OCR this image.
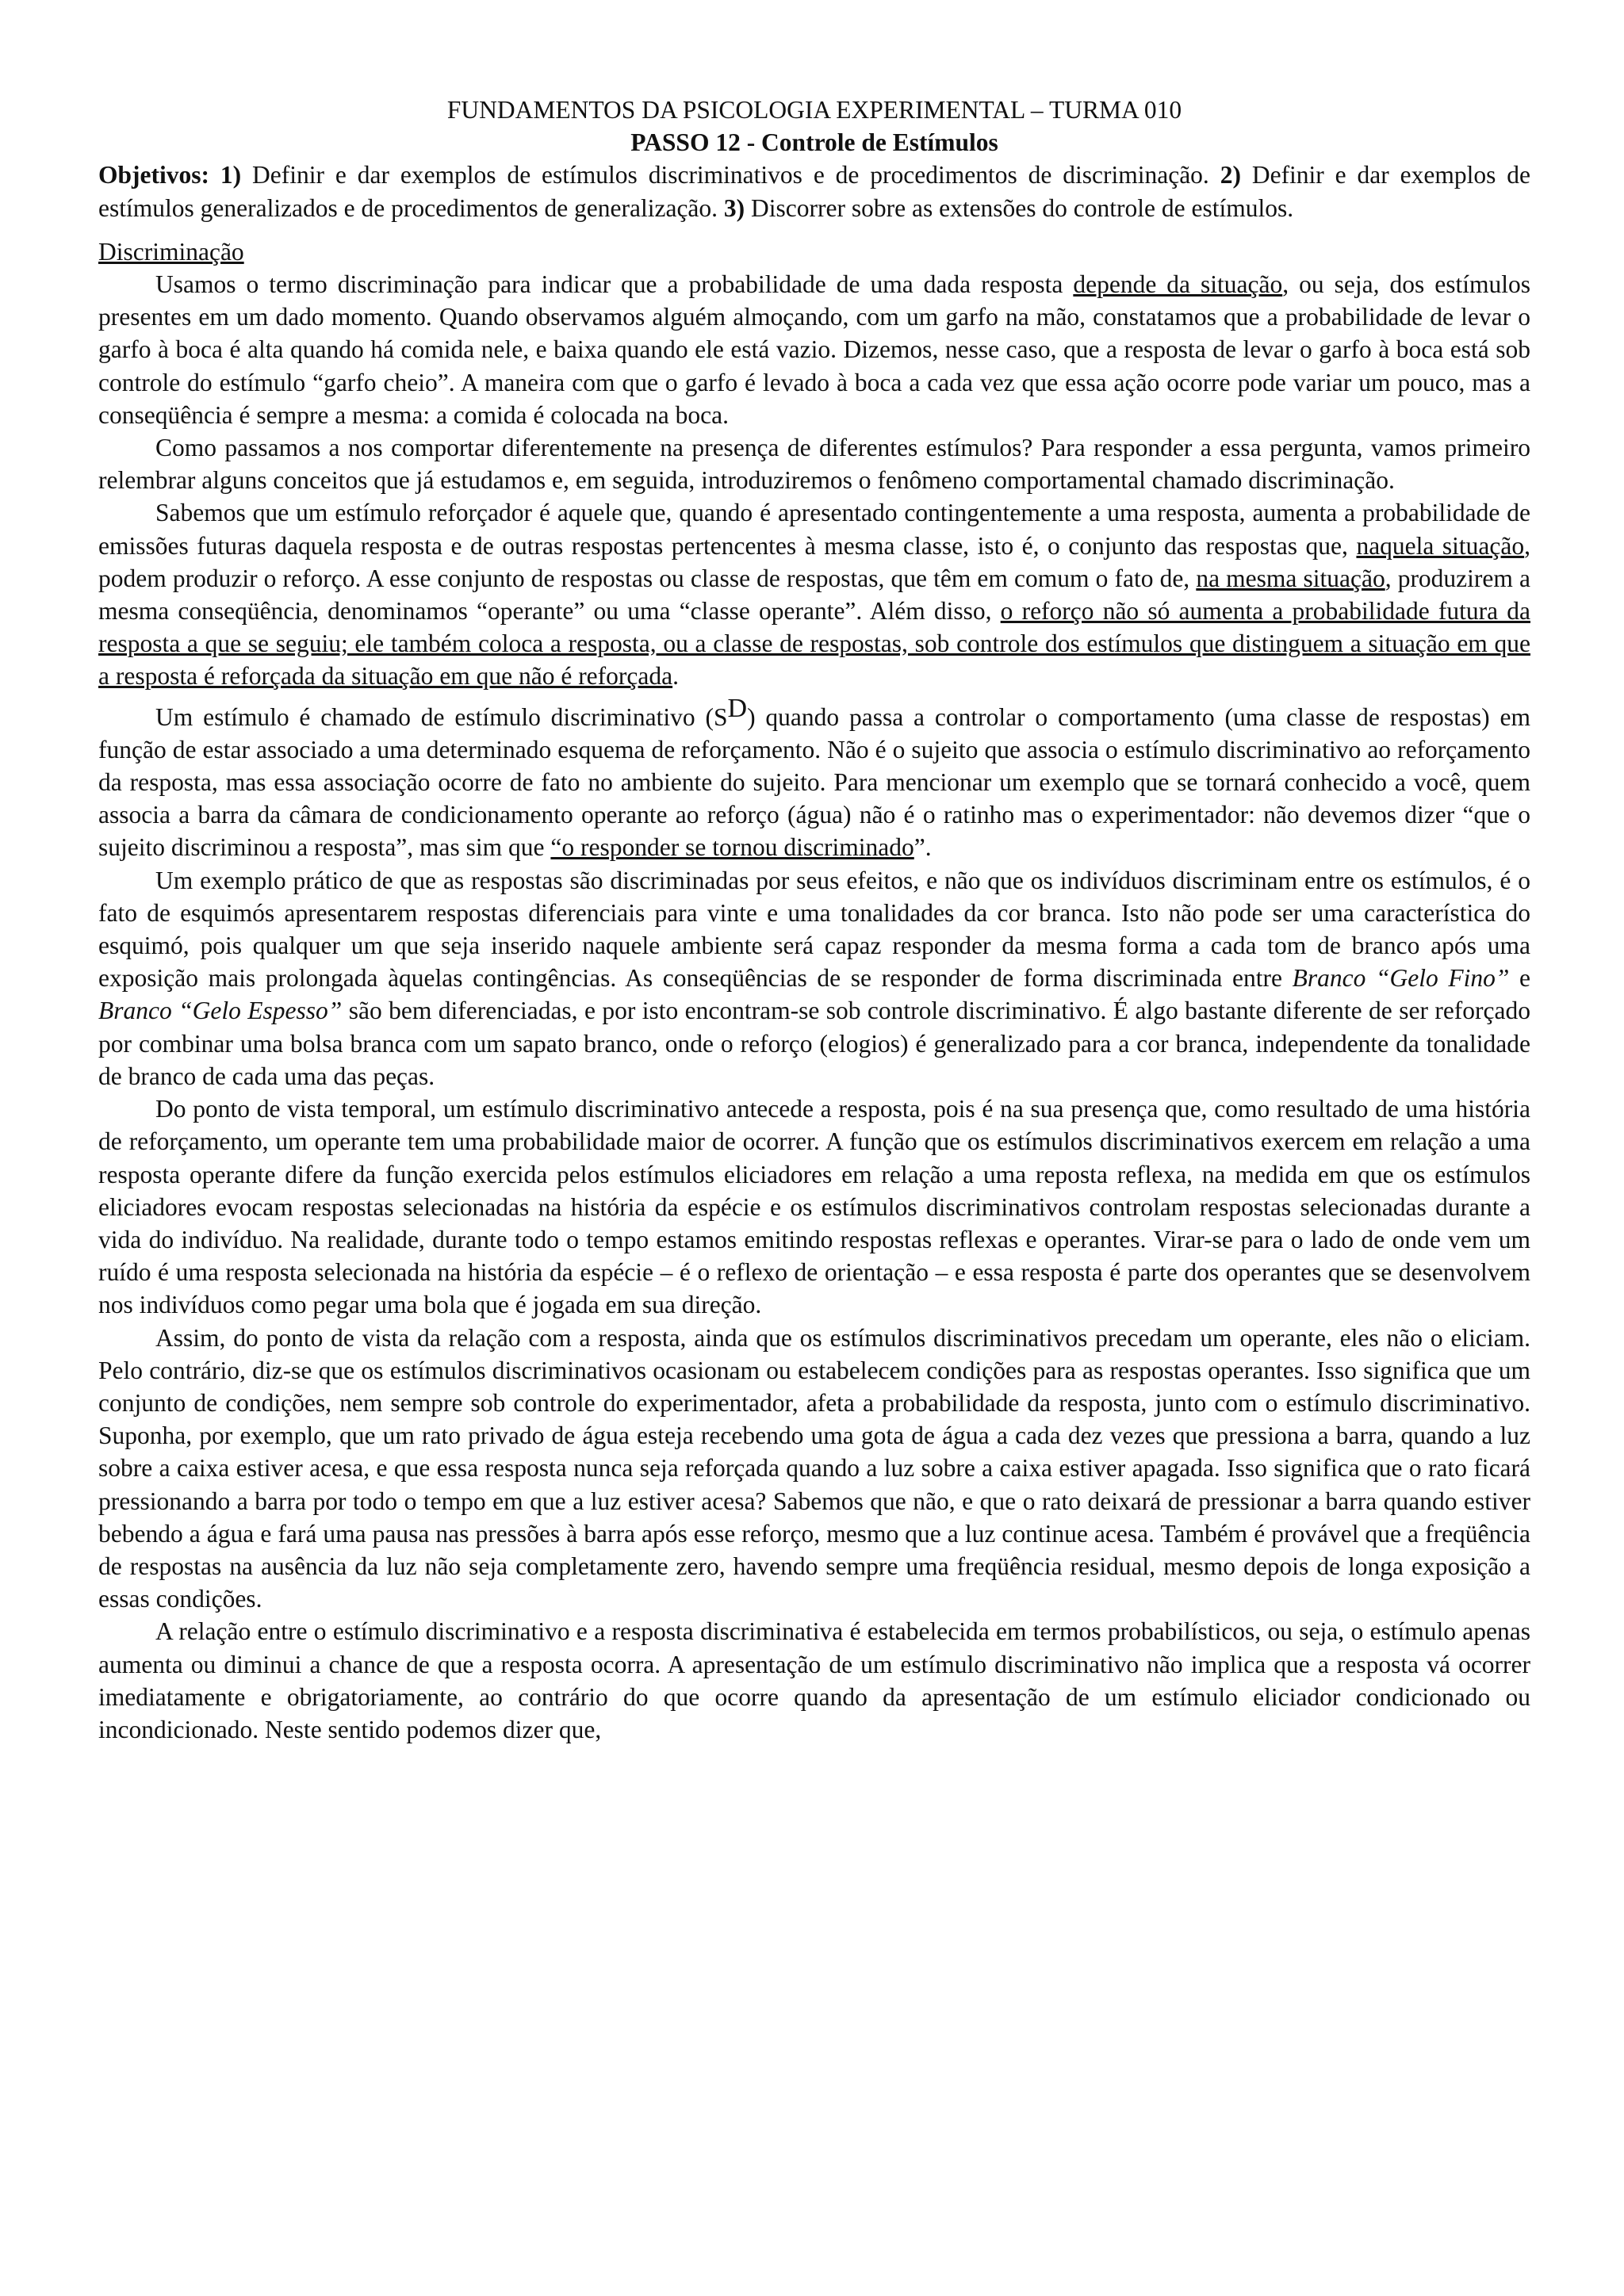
FUNDAMENTOS DA PSICOLOGIA EXPERIMENTAL – TURMA 010
PASSO 12 - Controle de Estímulos

Objetivos: 1) Definir e dar exemplos de estímulos discriminativos e de procedimentos de discriminação. 2) Definir e dar exemplos de estímulos generalizados e de procedimentos de generalização. 3) Discorrer sobre as extensões do controle de estímulos.

Discriminação

Usamos o termo discriminação para indicar que a probabilidade de uma dada resposta depende da situação, ou seja, dos estímulos presentes em um dado momento. Quando observamos alguém almoçando, com um garfo na mão, constatamos que a probabilidade de levar o garfo à boca é alta quando há comida nele, e baixa quando ele está vazio. Dizemos, nesse caso, que a resposta de levar o garfo à boca está sob controle do estímulo “garfo cheio”. A maneira com que o garfo é levado à boca a cada vez que essa ação ocorre pode variar um pouco, mas a conseqüência é sempre a mesma: a comida é colocada na boca.

Como passamos a nos comportar diferentemente na presença de diferentes estímulos? Para responder a essa pergunta, vamos primeiro relembrar alguns conceitos que já estudamos e, em seguida, introduziremos o fenômeno comportamental chamado discriminação.

Sabemos que um estímulo reforçador é aquele que, quando é apresentado contingentemente a uma resposta, aumenta a probabilidade de emissões futuras daquela resposta e de outras respostas pertencentes à mesma classe, isto é, o conjunto das respostas que, naquela situação, podem produzir o reforço. A esse conjunto de respostas ou classe de respostas, que têm em comum o fato de, na mesma situação, produzirem a mesma conseqüência, denominamos “operante” ou uma “classe operante”. Além disso, o reforço não só aumenta a probabilidade futura da resposta a que se seguiu; ele também coloca a resposta, ou a classe de respostas, sob controle dos estímulos que distinguem a situação em que a resposta é reforçada da situação em que não é reforçada.

Um estímulo é chamado de estímulo discriminativo $(S^D)$ quando passa a controlar o comportamento (uma classe de respostas) em função de estar associado a uma determinado esquema de reforçamento. Não é o sujeito que associa o estímulo discriminativo ao reforçamento da resposta, mas essa associação ocorre de fato no ambiente do sujeito. Para mencionar um exemplo que se tornará conhecido a você, quem associa a barra da câmara de condicionamento operante ao reforço (água) não é o ratinho mas o experimentador: não devemos dizer “que o sujeito discriminou a resposta”, mas sim que “o responder se tornou discriminado”.

Um exemplo prático de que as respostas são discriminadas por seus efeitos, e não que os indivíduos discriminam entre os estímulos, é o fato de esquimós apresentarem respostas diferenciais para vinte e uma tonalidades da cor branca. Isto não pode ser uma característica do esquimó, pois qualquer um que seja inserido naquele ambiente será capaz responder da mesma forma a cada tom de branco após uma exposição mais prolongada àquelas contingências. As conseqüências de se responder de forma discriminada entre Branco “Gelo Fino” e Branco “Gelo Espesso” são bem diferenciadas, e por isto encontram-se sob controle discriminativo. É algo bastante diferente de ser reforçado por combinar uma bolsa branca com um sapato branco, onde o reforço (elogios) é generalizado para a cor branca, independente da tonalidade de branco de cada uma das peças.

Do ponto de vista temporal, um estímulo discriminativo antecede a resposta, pois é na sua presença que, como resultado de uma história de reforçamento, um operante tem uma probabilidade maior de ocorrer. A função que os estímulos discriminativos exercem em relação a uma resposta operante difere da função exercida pelos estímulos eliciadores em relação a uma reposta reflexa, na medida em que os estímulos eliciadores evocam respostas selecionadas na história da espécie e os estímulos discriminativos controlam respostas selecionadas durante a vida do indivíduo. Na realidade, durante todo o tempo estamos emitindo respostas reflexas e operantes. Virar-se para o lado de onde vem um ruído é uma resposta selecionada na história da espécie – é o reflexo de orientação – e essa resposta é parte dos operantes que se desenvolvem nos indivíduos como pegar uma bola que é jogada em sua direção.

Assim, do ponto de vista da relação com a resposta, ainda que os estímulos discriminativos precedam um operante, eles não o eliciam. Pelo contrário, diz-se que os estímulos discriminativos ocasionam ou estabelecem condições para as respostas operantes. Isso significa que um conjunto de condições, nem sempre sob controle do experimentador, afeta a probabilidade da resposta, junto com o estímulo discriminativo. Suponha, por exemplo, que um rato privado de água esteja recebendo uma gota de água a cada dez vezes que pressiona a barra, quando a luz sobre a caixa estiver acesa, e que essa resposta nunca seja reforçada quando a luz sobre a caixa estiver apagada. Isso significa que o rato ficará pressionando a barra por todo o tempo em que a luz estiver acesa? Sabemos que não, e que o rato deixará de pressionar a barra quando estiver bebendo a água e fará uma pausa nas pressões à barra após esse reforço, mesmo que a luz continue acesa. Também é provável que a freqüência de respostas na ausência da luz não seja completamente zero, havendo sempre uma freqüência residual, mesmo depois de longa exposição a essas condições.

A relação entre o estímulo discriminativo e a resposta discriminativa é estabelecida em termos probabilísticos, ou seja, o estímulo apenas aumenta ou diminui a chance de que a resposta ocorra. A apresentação de um estímulo discriminativo não implica que a resposta vá ocorrer imediatamente e obrigatoriamente, ao contrário do que ocorre quando da apresentação de um estímulo eliciador condicionado ou incondicionado. Neste sentido podemos dizer que,
